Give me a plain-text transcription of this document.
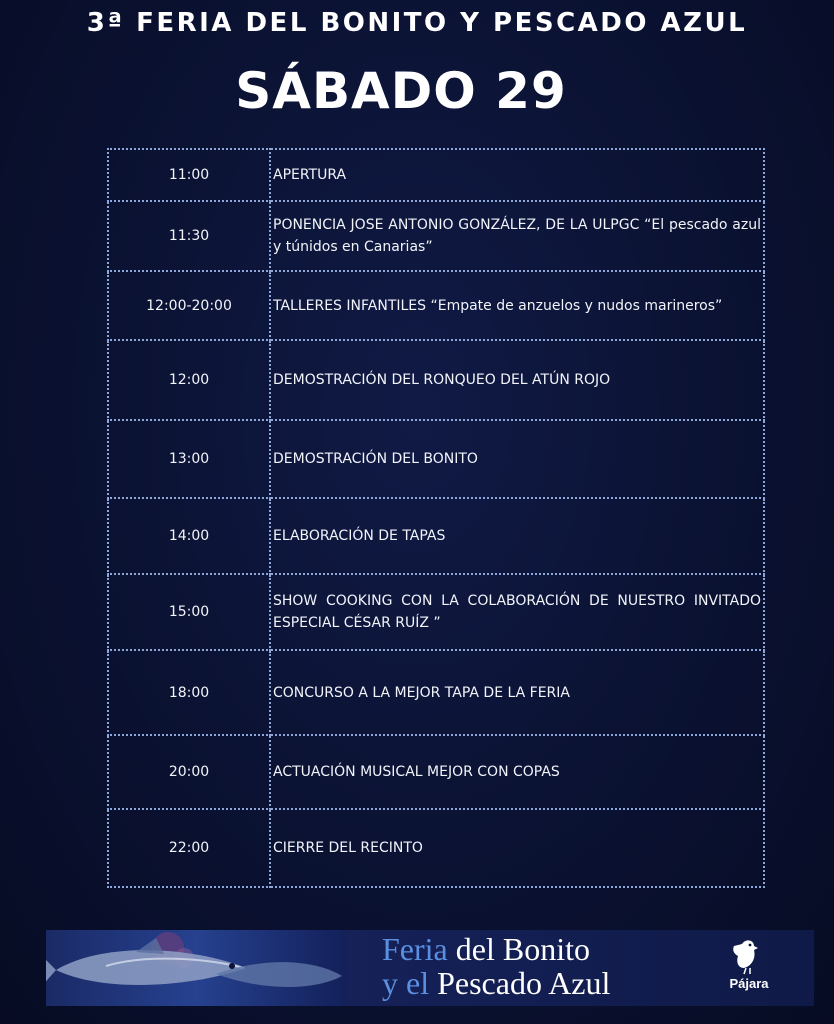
3ª FERIA DEL BONITO Y PESCADO AZUL
SÁBADO 29
11:00	APERTURA
11:30	PONENCIA JOSE ANTONIO GONZÁLEZ, DE LA ULPGC “El pescado azul y túnidos en Canarias”
12:00-20:00	TALLERES INFANTILES “Empate de anzuelos y nudos marineros”
12:00	DEMOSTRACIÓN DEL RONQUEO DEL ATÚN ROJO
13:00	DEMOSTRACIÓN DEL BONITO
14:00	ELABORACIÓN DE TAPAS
15:00	SHOW COOKING CON LA COLABORACIÓN DE NUESTRO INVITADO ESPECIAL CÉSAR RUÍZ ”
18:00	CONCURSO A LA MEJOR TAPA DE LA FERIA
20:00	ACTUACIÓN MUSICAL MEJOR CON COPAS
22:00	CIERRE DEL RECINTO
Feria del Bonito
y el Pescado Azul	Pájara
